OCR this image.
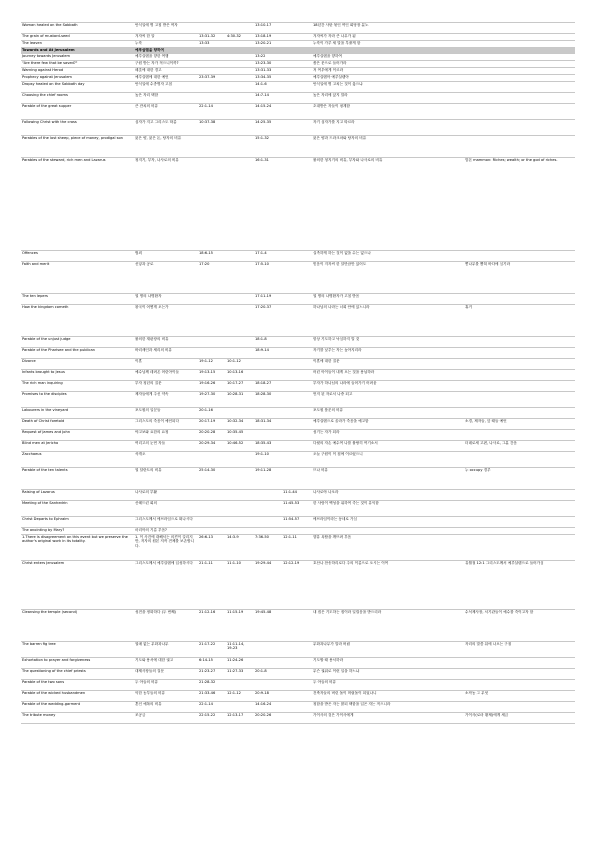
Woman healed on the Sabbath	안식일에 병 고침 받은 여자			13:10-17		18년간 사탄 묶인 여인 회당장 분노	
The grain of mustard-seed	겨자씨 한 알	13:31-32	4:30-32	13:18-19		겨자씨가 자라 큰 나무가 됨	
The leaven	누룩	13:33		13:20-21		누룩이 가루 세 말을 부풀게 함	
Towards and At Jerusalem	예루살렘을 향하여						
Journey towards Jerusalem	예루살렘을 향한 여행			13:22		예루살렘을 향하여	
"Are there few that be saved?"	구원 받는 자가 적으니이까?			13:23-30		좁은 문으로 들어가라	
Warning against Herod	헤롯에 대한 경고			13:31-33		저 여우에게 이르라	
Prophecy against Jerusalem	예루살렘에 대한 예언	23:37-39		13:34-35		예루살렘아 예루살렘아	
Dropsy healed on the Sabbath day	안식일에 수종병자 고침			14:1-6		안식일에 병 고치는 것이 옳으냐	
Choosing the chief rooms	높은 자리 택함			14:7-14		높은 자리에 앉지 말라	
Parable of the great supper	큰 잔치의 비유	22:1-14		14:15-24		초대받은 자들이 핑계함	
Following Christ with the cross	십자가 지고 그리스도 따름	10:37-38		14:25-35		자기 십자가를 지고 따르라	
Parables of the lost sheep, piece of money, prodigal son	잃은 양, 잃은 돈, 탕자의 비유			15:1-32		잃은 양과 드라크마와 탕자의 비유	
Parables of the steward, rich men and Lazarus	청지기, 부자, 나사로의 비유			16:1-31		불의한 청지기의 비유, 부자와 나사로의 비유	맘몬 mammon: Riches; wealth; or the god of riches.
Offences	범죄	18:6-15		17:1-4		실족하게 하는 것이 없을 수는 없으나	
Faith and merit	신앙과 공로	17:20		17:5-10		믿음이 겨자씨 한 알만큼만 있어도	뽕나무를 뽑혀 바다에 심기라
The ten lepers	열 명의 나병환자			17:11-19		열 명의 나병환자가 고침 받음	
How the kingdom cometh	왕국이 어떻게 오는가			17:20-37		하나님의 나라는 너희 안에 있느니라	휴거
Parable of the unjust judge	불의한 재판장의 비유			18:1-8		항상 기도하고 낙심하지 말 것	
Parable of the Pharisee and the publican	바리새인과 세리의 비유			18:9-14		자기를 낮추는 자는 높아지리라	
Divorce	이혼	19:1-12	10:1-12			이혼에 대한 질문	
Infants brought to Jesus	예수님께 데려온 어린아이들	19:13-15	10:13-16			어린 아이들이 내게 오는 것을 용납하라	
The rich man inquiring	부자 청년의 질문	19:16-26	10:17-27	18:18-27		부자가 하나님의 나라에 들어가기 어려움	
Promises to the disciples	제자들에게 주신 약속	19:27-30	10:28-31	18:28-30		먼저 된 자로서 나중 되고	
Labourers in the vineyard	포도원의 일꾼들	20:1-16				포도원 품꾼의 비유	
Death of Christ foretold	그리스도의 죽음이 예언되다	20:17-19	10:32-34	18:31-34		예루살렘으로 올라가 죽음을 예고함	소경, 제자들, 앞 때들 예언
Request of James and John	야고보와 요한의 요청	20:20-28	10:35-45			섬기는 자가 되라	
Blind men at Jericho	여리고의 눈먼 자들	20:29-34	10:46-52	18:35-43		다윗의 자손 예수여 나를 불쌍히 여기소서	더데로세 고편, 나사로, 그분 간음
Zacchaeus	삭개오			19:1-10		오늘 구원이 이 집에 이르렀으니	
Parable of the ten talents	열 달란트의 비유	25:14-30		19:11-28		므나 비유	누 occupy 경루
Raising of Lazarus	나사로의 부활				11:1-44	나사로야 나오라	
Meeting of the Sanhedrin	산헤드린 회의				11:45-53	한 사람이 백성을 위하여 죽는 것이 유익함	
Christ Departs to Ephraim	그리스도께서 에브라임으로 떠나시다				11:54-57	에브라임이라는 동네로 가심	
The anointing by Mary?	마리아의 기름 부음?						
1.There is disagreement on this event but we preserve the author's original work in its totality.	1. 이 사건에 대해서는 의견이 갈리지만, 저자의 원본 저작 전체를 보존합니다.	26:6-13	14:3-9	7:36-50	12:1-11	향유 옥합을 깨뜨려 부음	
Christ enters Jerusalem	그리스도께서 예루살렘에 입성하시다	21:1-11	11:1-10	19:29-44	12:12-19	호산나 찬송하리로다 주의 이름으로 오시는 이여	유월절 12:1 그리스도께서 예루살렘으로 들어가심
Cleansing the temple (second)	성전을 정화하다 (두 번째)	21:12-16	11:15-19	19:45-48		내 집은 기도하는 집이라 일컬음을 받으리라	수석제사장, 서기관들이 예수를 죽이고자 함
The barren fig tree	열매 없는 무화과나무	21:17-22	11:11-14, 19-23			무화과나무가 말라 버림	자리의 말씀 뒤에 나오는 구절
Exhortation to prayer and forgiveness	기도와 용서에 대한 권고	6:14-15	11:24-26			기도할 때 용서하라	
The questioning of the chief priests	대제사장들의 질문	21:23-27	11:27-33	20:1-8		무슨 권위로 이런 일을 하느냐	
Parable of the two sons	두 아들의 비유	21:28-32				두 아들의 비유	
Parable of the wicked husbandmen	악한 농부들의 비유	21:33-46	12:1-12	20:9-18		건축자들의 버린 돌이 머릿돌이 되었나니	소작농 그 무엇
Parable of the wedding-garment	혼인 예복의 비유	22:1-14		14:16-24		청함을 받은 자는 많되 택함을 입은 자는 적으니라	
The tribute money	조공금	22:15-22	12:13-17	20:20-26		가이사의 것은 가이사에게	가이사(로마 황제)에게 세금
